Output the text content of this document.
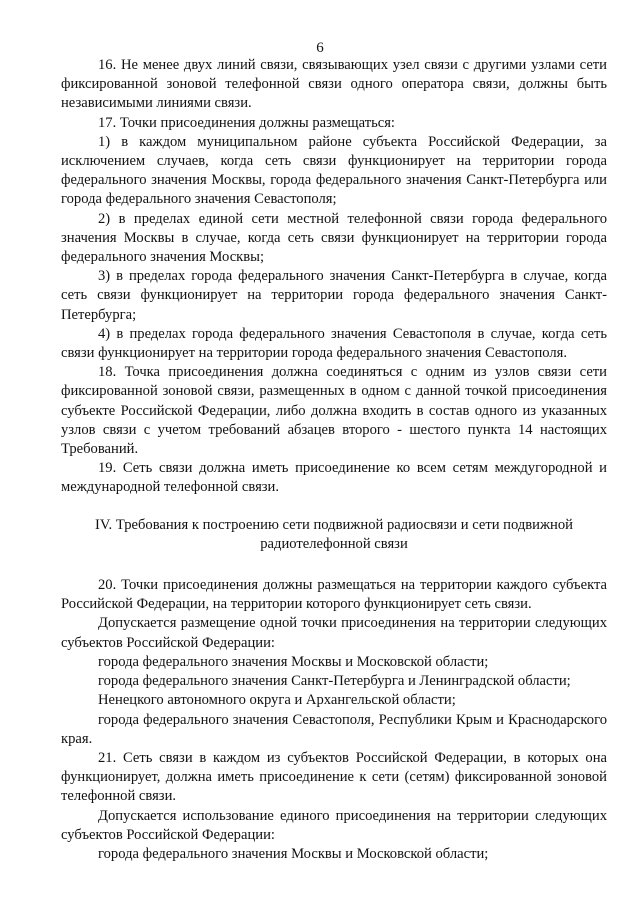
6

16. Не менее двух линий связи, связывающих узел связи с другими узлами сети фиксированной зоновой телефонной связи одного оператора связи, должны быть независимыми линиями связи.

17. Точки присоединения должны размещаться:

1) в каждом муниципальном районе субъекта Российской Федерации, за исключением случаев, когда сеть связи функционирует на территории города федерального значения Москвы, города федерального значения Санкт-Петербурга или города федерального значения Севастополя;

2) в пределах единой сети местной телефонной связи города федерального значения Москвы в случае, когда сеть связи функционирует на территории города федерального значения Москвы;

3) в пределах города федерального значения Санкт-Петербурга в случае, когда сеть связи функционирует на территории города федерального значения Санкт-Петербурга;

4) в пределах города федерального значения Севастополя в случае, когда сеть связи функционирует на территории города федерального значения Севастополя.

18. Точка присоединения должна соединяться с одним из узлов связи сети фиксированной зоновой связи, размещенных в одном с данной точкой присоединения субъекте Российской Федерации, либо должна входить в состав одного из указанных узлов связи с учетом требований абзацев второго - шестого пункта 14 настоящих Требований.

19. Сеть связи должна иметь присоединение ко всем сетям междугородной и международной телефонной связи.

IV. Требования к построению сети подвижной радиосвязи и сети подвижной
радиотелефонной связи

20. Точки присоединения должны размещаться на территории каждого субъекта Российской Федерации, на территории которого функционирует сеть связи.

Допускается размещение одной точки присоединения на территории следующих субъектов Российской Федерации:

города федерального значения Москвы и Московской области;

города федерального значения Санкт-Петербурга и Ленинградской области;

Ненецкого автономного округа и Архангельской области;

города федерального значения Севастополя, Республики Крым и Краснодарского края.

21. Сеть связи в каждом из субъектов Российской Федерации, в которых она функционирует, должна иметь присоединение к сети (сетям) фиксированной зоновой телефонной связи.

Допускается использование единого присоединения на территории следующих субъектов Российской Федерации:

города федерального значения Москвы и Московской области;
